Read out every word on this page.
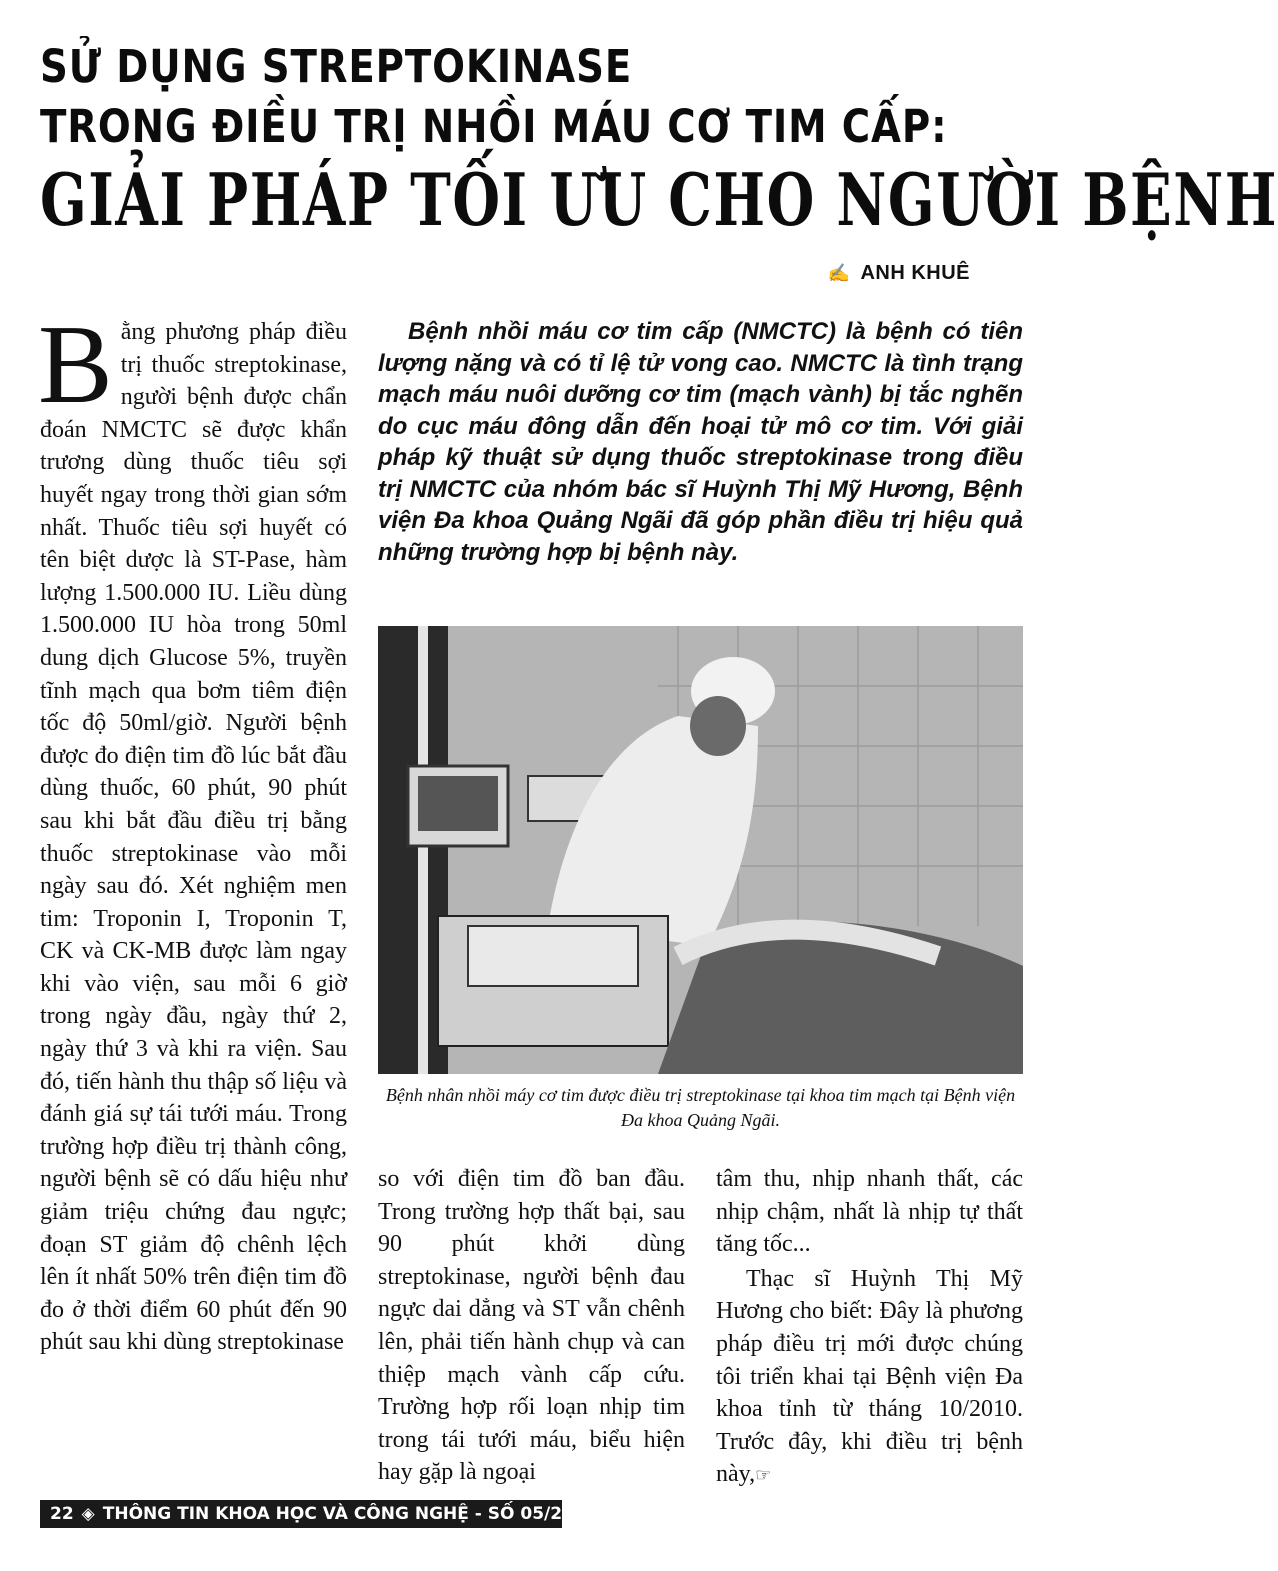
SỬ DỤNG STREPTOKINASE
TRONG ĐIỀU TRỊ NHỒI MÁU CƠ TIM CẤP:
GIẢI PHÁP TỐI ƯU CHO NGƯỜI BỆNH
✍ ANH KHUÊ
Bằng phương pháp điều trị thuốc streptokinase, người bệnh được chẩn đoán NMCTC sẽ được khẩn trương dùng thuốc tiêu sợi huyết ngay trong thời gian sớm nhất. Thuốc tiêu sợi huyết có tên biệt dược là ST-Pase, hàm lượng 1.500.000 IU. Liều dùng 1.500.000 IU hòa trong 50ml dung dịch Glucose 5%, truyền tĩnh mạch qua bơm tiêm điện tốc độ 50ml/giờ. Người bệnh được đo điện tim đồ lúc bắt đầu dùng thuốc, 60 phút, 90 phút sau khi bắt đầu điều trị bằng thuốc streptokinase vào mỗi ngày sau đó. Xét nghiệm men tim: Troponin I, Troponin T, CK và CK-MB được làm ngay khi vào viện, sau mỗi 6 giờ trong ngày đầu, ngày thứ 2, ngày thứ 3 và khi ra viện. Sau đó, tiến hành thu thập số liệu và đánh giá sự tái tưới máu. Trong trường hợp điều trị thành công, người bệnh sẽ có dấu hiệu như giảm triệu chứng đau ngực; đoạn ST giảm độ chênh lệch lên ít nhất 50% trên điện tim đồ đo ở thời điểm 60 phút đến 90 phút sau khi dùng streptokinase
Bệnh nhồi máu cơ tim cấp (NMCTC) là bệnh có tiên lượng nặng và có tỉ lệ tử vong cao. NMCTC là tình trạng mạch máu nuôi dưỡng cơ tim (mạch vành) bị tắc nghẽn do cục máu đông dẫn đến hoại tử mô cơ tim. Với giải pháp kỹ thuật sử dụng thuốc streptokinase trong điều trị NMCTC của nhóm bác sĩ Huỳnh Thị Mỹ Hương, Bệnh viện Đa khoa Quảng Ngãi đã góp phần điều trị hiệu quả những trường hợp bị bệnh này.
Bệnh nhân nhồi máy cơ tim được điều trị streptokinase tại khoa tim mạch tại Bệnh viện Đa khoa Quảng Ngãi.
so với điện tim đồ ban đầu. Trong trường hợp thất bại, sau 90 phút khởi dùng streptokinase, người bệnh đau ngực dai dẳng và ST vẫn chênh lên, phải tiến hành chụp và can thiệp mạch vành cấp cứu. Trường hợp rối loạn nhịp tim trong tái tưới máu, biểu hiện hay gặp là ngoại

tâm thu, nhịp nhanh thất, các nhịp chậm, nhất là nhịp tự thất tăng tốc...

Thạc sĩ Huỳnh Thị Mỹ Hương cho biết: Đây là phương pháp điều trị mới được chúng tôi triển khai tại Bệnh viện Đa khoa tỉnh từ tháng 10/2010. Trước đây, khi điều trị bệnh này,☞

22 ◈ THÔNG TIN KHOA HỌC VÀ CÔNG NGHỆ - SỐ 05/2011
